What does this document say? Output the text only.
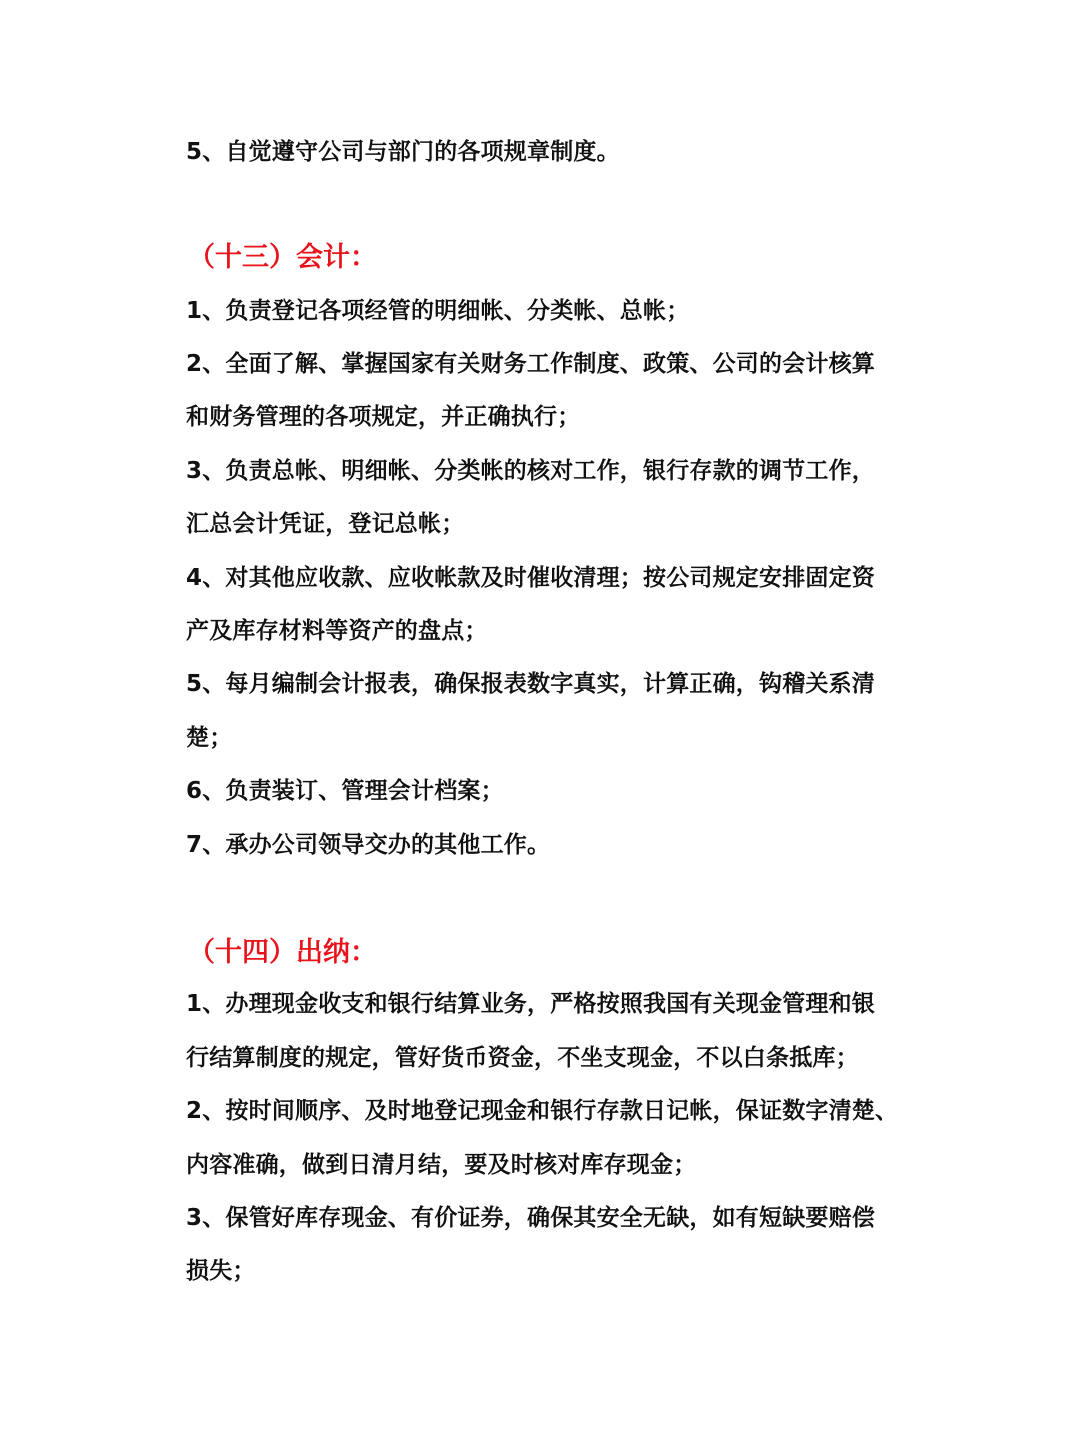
5、自觉遵守公司与部门的各项规章制度。
（十三）会计：
1、负责登记各项经管的明细帐、分类帐、总帐；
2、全面了解、掌握国家有关财务工作制度、政策、公司的会计核算
和财务管理的各项规定，并正确执行；
3、负责总帐、明细帐、分类帐的核对工作，银行存款的调节工作，
汇总会计凭证，登记总帐；
4、对其他应收款、应收帐款及时催收清理；按公司规定安排固定资
产及库存材料等资产的盘点；
5、每月编制会计报表，确保报表数字真实，计算正确，钩稽关系清
楚；
6、负责装订、管理会计档案；
7、承办公司领导交办的其他工作。
（十四）出纳：
1、办理现金收支和银行结算业务，严格按照我国有关现金管理和银
行结算制度的规定，管好货币资金，不坐支现金，不以白条抵库；
2、按时间顺序、及时地登记现金和银行存款日记帐，保证数字清楚、
内容准确，做到日清月结，要及时核对库存现金；
3、保管好库存现金、有价证券，确保其安全无缺，如有短缺要赔偿
损失；
